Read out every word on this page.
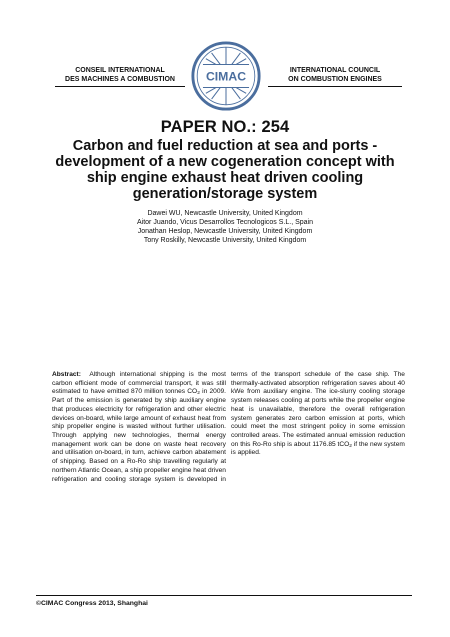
CONSEIL INTERNATIONAL
DES MACHINES A COMBUSTION	CIMAC	INTERNATIONAL COUNCIL
ON COMBUSTION ENGINES
PAPER NO.: 254
Carbon and fuel reduction at sea and ports -
development of a new cogeneration concept with
ship engine exhaust heat driven cooling
generation/storage system
Dawei WU, Newcastle University, United Kingdom
Aitor Juando, Vicus Desarrollos Tecnologicos S.L., Spain
Jonathan Heslop, Newcastle University, United Kingdom
Tony Roskilly, Newcastle University, United Kingdom
Abstract: Although international shipping is the most carbon efficient mode of commercial transport, it was still estimated to have emitted 870 million tonnes $CO_2$ in 2009. Part of the emission is generated by ship auxiliary engine that produces electricity for refrigeration and other electric devices on-board, while large amount of exhaust heat from ship propeller engine is wasted without further utilisation. Through applying new technologies, thermal energy management work can be done on waste heat recovery and utilisation on-board, in turn, achieve carbon abatement of shipping. Based on a Ro-Ro ship travelling regularly at northern Atlantic Ocean, a ship propeller engine heat driven refrigeration and cooling storage system is developed in
terms of the transport schedule of the case ship. The thermally-activated absorption refrigeration saves about 40 kWe from auxiliary engine. The ice-slurry cooling storage system releases cooling at ports while the propeller engine heat is unavailable, therefore the overall refrigeration system generates zero carbon emission at ports, which could meet the most stringent policy in some emission controlled areas. The estimated annual emission reduction on this Ro-Ro ship is about 1176.85 tCO$_2$ if the new system is applied.
©CIMAC Congress 2013, Shanghai
